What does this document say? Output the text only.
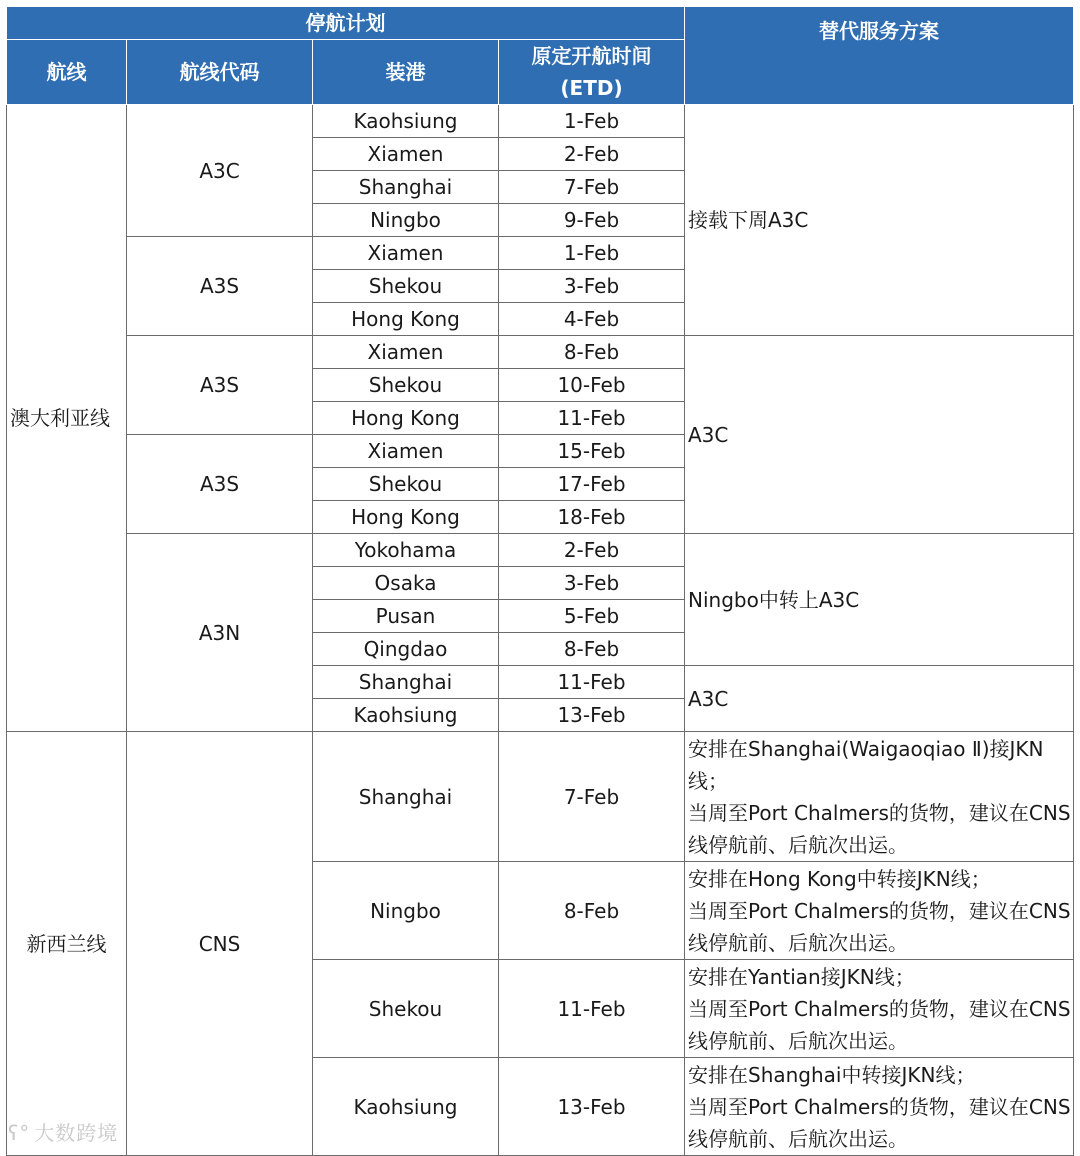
停航计划				替代服务方案
航线	航线代码	装港	原定开航时间
(ETD)	

澳大利亚线	A3C	Kaohsiung	1-Feb	接载下周A3C
		Xiamen	2-Feb	
		Shanghai	7-Feb	
		Ningbo	9-Feb	
	A3S	Xiamen	1-Feb	
		Shekou	3-Feb	
		Hong Kong	4-Feb	
	A3S	Xiamen	8-Feb	A3C
		Shekou	10-Feb	
		Hong Kong	11-Feb	
	A3S	Xiamen	15-Feb	
		Shekou	17-Feb	
		Hong Kong	18-Feb	
	A3N	Yokohama	2-Feb	Ningbo中转上A3C
		Osaka	3-Feb	
		Pusan	5-Feb	
		Qingdao	8-Feb	
		Shanghai	11-Feb	A3C
		Kaohsiung	13-Feb	
新西兰线	CNS	Shanghai	7-Feb	安排在Shanghai(Waigaoqiao Ⅱ)接JKN线；
当周至Port Chalmers的货物，建议在CNS线停航前、后航次出运。
		Ningbo	8-Feb	安排在Hong Kong中转接JKN线；
当周至Port Chalmers的货物，建议在CNS线停航前、后航次出运。
		Shekou	11-Feb	安排在Yantian接JKN线；
当周至Port Chalmers的货物，建议在CNS线停航前、后航次出运。
		Kaohsiung	13-Feb	安排在Shanghai中转接JKN线；
当周至Port Chalmers的货物，建议在CNS线停航前、后航次出运。
ʕ° 大数跨境
